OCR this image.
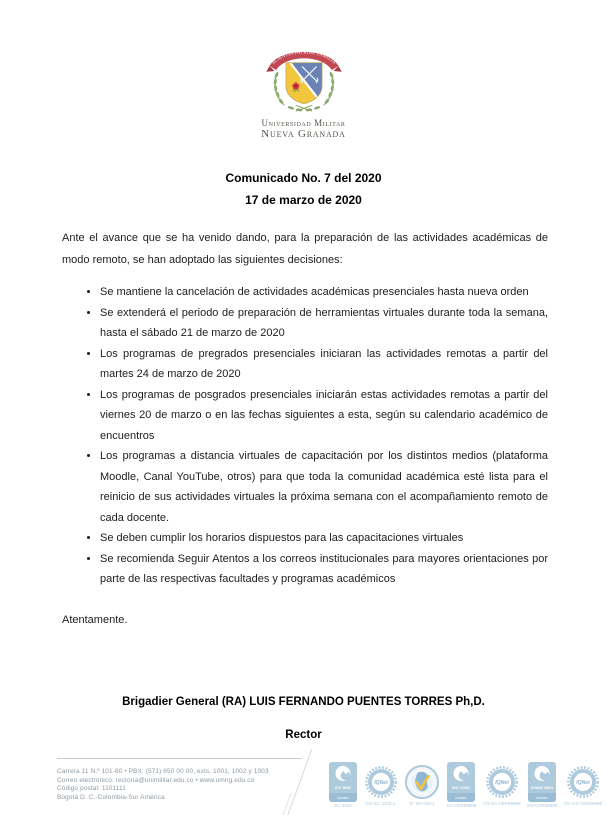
SCIENTIA PATRIAE FAMILIA
Universidad Militar
Nueva Granada
Comunicado No. 7 del 2020
17 de marzo de 2020

Ante el avance que se ha venido dando, para la preparación de las actividades académicas de modo remoto, se han adoptado las siguientes decisiones:

• Se mantiene la cancelación de actividades académicas presenciales hasta nueva orden
• Se extenderá el periodo de preparación de herramientas virtuales durante toda la semana, hasta el sábado 21 de marzo de 2020
• Los programas de pregrados presenciales iniciaran las actividades remotas a partir del martes 24 de marzo de 2020
• Los programas de posgrados presenciales iniciarán estas actividades remotas a partir del viernes 20 de marzo o en las fechas siguientes a esta, según su calendario académico de encuentros
• Los programas a distancia virtuales de capacitación por los distintos medios (plataforma Moodle, Canal YouTube, otros) para que toda la comunidad académica esté lista para el reinicio de sus actividades virtuales la próxima semana con el acompañamiento remoto de cada docente.
• Se deben cumplir los horarios dispuestos para las capacitaciones virtuales
• Se recomienda Seguir Atentos a los correos institucionales para mayores orientaciones por parte de las respectivas facultades y programas académicos
Atentamente.
Brigadier General (RA) LUIS FERNANDO PUENTES TORRES Ph,D.
Rector
Carrera 11 N.º 101-80 • PBX: (571) 650 00 00, exts. 1001, 1002 y 1003
Correo electrónico: rectoria@unimilitar.edu.co • www.umng.edu.co
Código postal: 1101111
Bogotá D. C.-Colombia-Sur América
ISO 9001
icontec
SC 4420
IQNet
CO-SC 4420-1	N° GP 005-1
ISO 14001
icontec
SA-CER99998
IQNet
CO-SA-CER99998
OHSAS 18001
icontec
OS-CER99998
IQNet
CO-OS-CER99998
